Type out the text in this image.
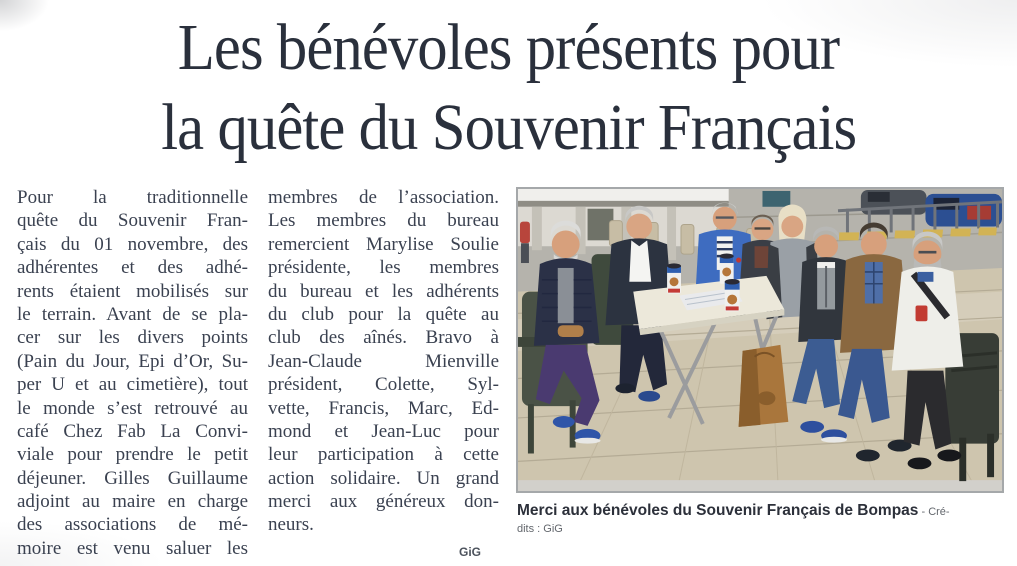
Les bénévoles présents pour
la quête du Souvenir Français
Pour la traditionnelle
quête du Souvenir Fran-
çais du 01 novembre, des
adhérentes et des adhé-
rents étaient mobilisés sur
le terrain. Avant de se pla-
cer sur les divers points
(Pain du Jour, Epi d’Or, Su-
per U et au cimetière), tout
le monde s’est retrouvé au
café Chez Fab La Convi-
viale pour prendre le petit
déjeuner. Gilles Guillaume
adjoint au maire en charge
des associations de mé-
moire est venu saluer les
membres de l’association.
Les membres du bureau
remercient Marylise Soulie
présidente, les membres
du bureau et les adhérents
du club pour la quête au
club des aînés. Bravo à
Jean-Claude Mienville
président, Colette, Syl-
vette, Francis, Marc, Ed-
mond et Jean-Luc pour
leur participation à cette
action solidaire. Un grand
merci aux généreux don-
neurs.
GiG
Merci aux bénévoles du Souvenir Français de Bompas - Cré-
dits : GiG
